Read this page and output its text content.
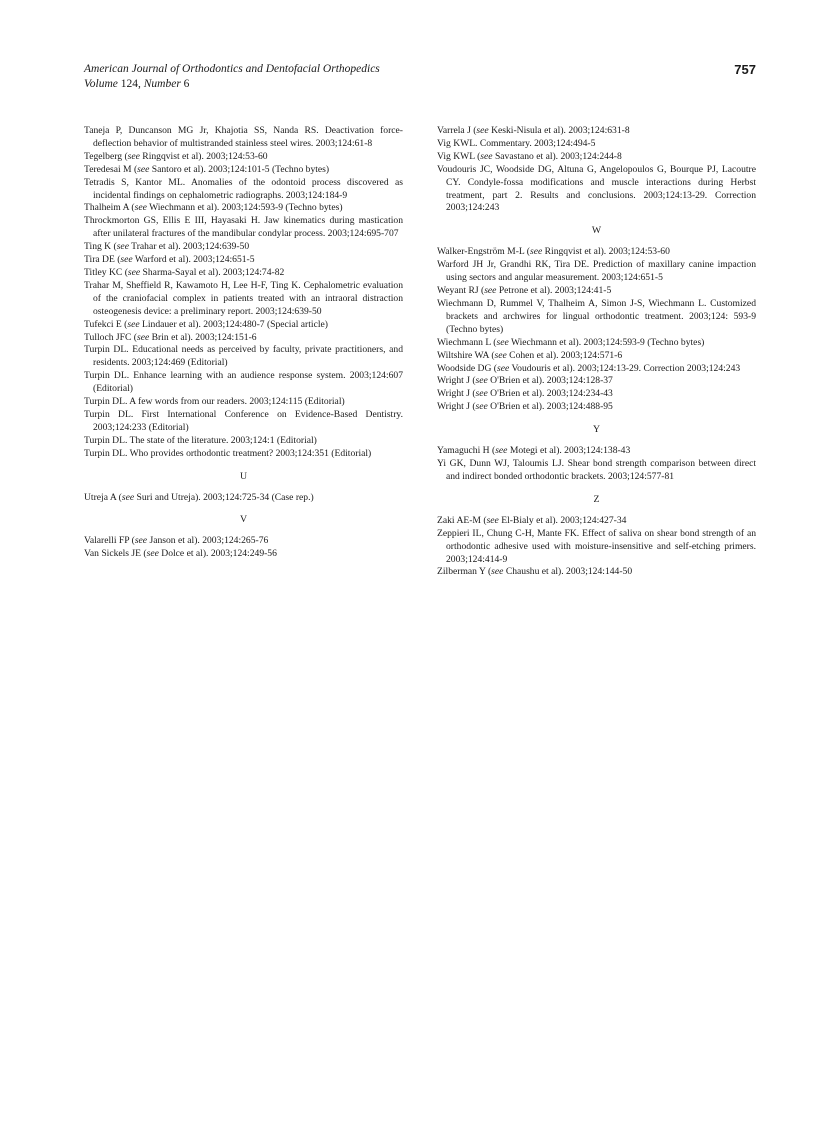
American Journal of Orthodontics and Dentofacial Orthopedics
Volume 124, Number 6
757

Taneja P, Duncanson MG Jr, Khajotia SS, Nanda RS. Deactivation force-deflection behavior of multistranded stainless steel wires. 2003;124:61-8

Tegelberg (see Ringqvist et al). 2003;124:53-60

Teredesai M (see Santoro et al). 2003;124:101-5 (Techno bytes)

Tetradis S, Kantor ML. Anomalies of the odontoid process discovered as incidental findings on cephalometric radiographs. 2003;124:184-9

Thalheim A (see Wiechmann et al). 2003;124:593-9 (Techno bytes)

Throckmorton GS, Ellis E III, Hayasaki H. Jaw kinematics during mastication after unilateral fractures of the mandibular condylar process. 2003;124:695-707

Ting K (see Trahar et al). 2003;124:639-50

Tira DE (see Warford et al). 2003;124:651-5

Titley KC (see Sharma-Sayal et al). 2003;124:74-82

Trahar M, Sheffield R, Kawamoto H, Lee H-F, Ting K. Cephalometric evaluation of the craniofacial complex in patients treated with an intraoral distraction osteogenesis device: a preliminary report. 2003;124:639-50

Tufekci E (see Lindauer et al). 2003;124:480-7 (Special article)

Tulloch JFC (see Brin et al). 2003;124:151-6

Turpin DL. Educational needs as perceived by faculty, private practitioners, and residents. 2003;124:469 (Editorial)

Turpin DL. Enhance learning with an audience response system. 2003;124:607 (Editorial)

Turpin DL. A few words from our readers. 2003;124:115 (Editorial)

Turpin DL. First International Conference on Evidence-Based Dentistry. 2003;124:233 (Editorial)

Turpin DL. The state of the literature. 2003;124:1 (Editorial)

Turpin DL. Who provides orthodontic treatment? 2003;124:351 (Editorial)

U

Utreja A (see Suri and Utreja). 2003;124:725-34 (Case rep.)

V

Valarelli FP (see Janson et al). 2003;124:265-76

Van Sickels JE (see Dolce et al). 2003;124:249-56

Varrela J (see Keski-Nisula et al). 2003;124:631-8

Vig KWL. Commentary. 2003;124:494-5

Vig KWL (see Savastano et al). 2003;124:244-8

Voudouris JC, Woodside DG, Altuna G, Angelopoulos G, Bourque PJ, Lacoutre CY. Condyle-fossa modifications and muscle interactions during Herbst treatment, part 2. Results and conclusions. 2003;124:13-29. Correction 2003;124:243

W

Walker-Engström M-L (see Ringqvist et al). 2003;124:53-60

Warford JH Jr, Grandhi RK, Tira DE. Prediction of maxillary canine impaction using sectors and angular measurement. 2003;124:651-5

Weyant RJ (see Petrone et al). 2003;124:41-5

Wiechmann D, Rummel V, Thalheim A, Simon J-S, Wiechmann L. Customized brackets and archwires for lingual orthodontic treatment. 2003;124: 593-9 (Techno bytes)

Wiechmann L (see Wiechmann et al). 2003;124:593-9 (Techno bytes)

Wiltshire WA (see Cohen et al). 2003;124:571-6

Woodside DG (see Voudouris et al). 2003;124:13-29. Correction 2003;124:243

Wright J (see O'Brien et al). 2003;124:128-37

Wright J (see O'Brien et al). 2003;124:234-43

Wright J (see O'Brien et al). 2003;124:488-95

Y

Yamaguchi H (see Motegi et al). 2003;124:138-43

Yi GK, Dunn WJ, Taloumis LJ. Shear bond strength comparison between direct and indirect bonded orthodontic brackets. 2003;124:577-81

Z

Zaki AE-M (see El-Bialy et al). 2003;124:427-34

Zeppieri IL, Chung C-H, Mante FK. Effect of saliva on shear bond strength of an orthodontic adhesive used with moisture-insensitive and self-etching primers. 2003;124:414-9

Zilberman Y (see Chaushu et al). 2003;124:144-50
